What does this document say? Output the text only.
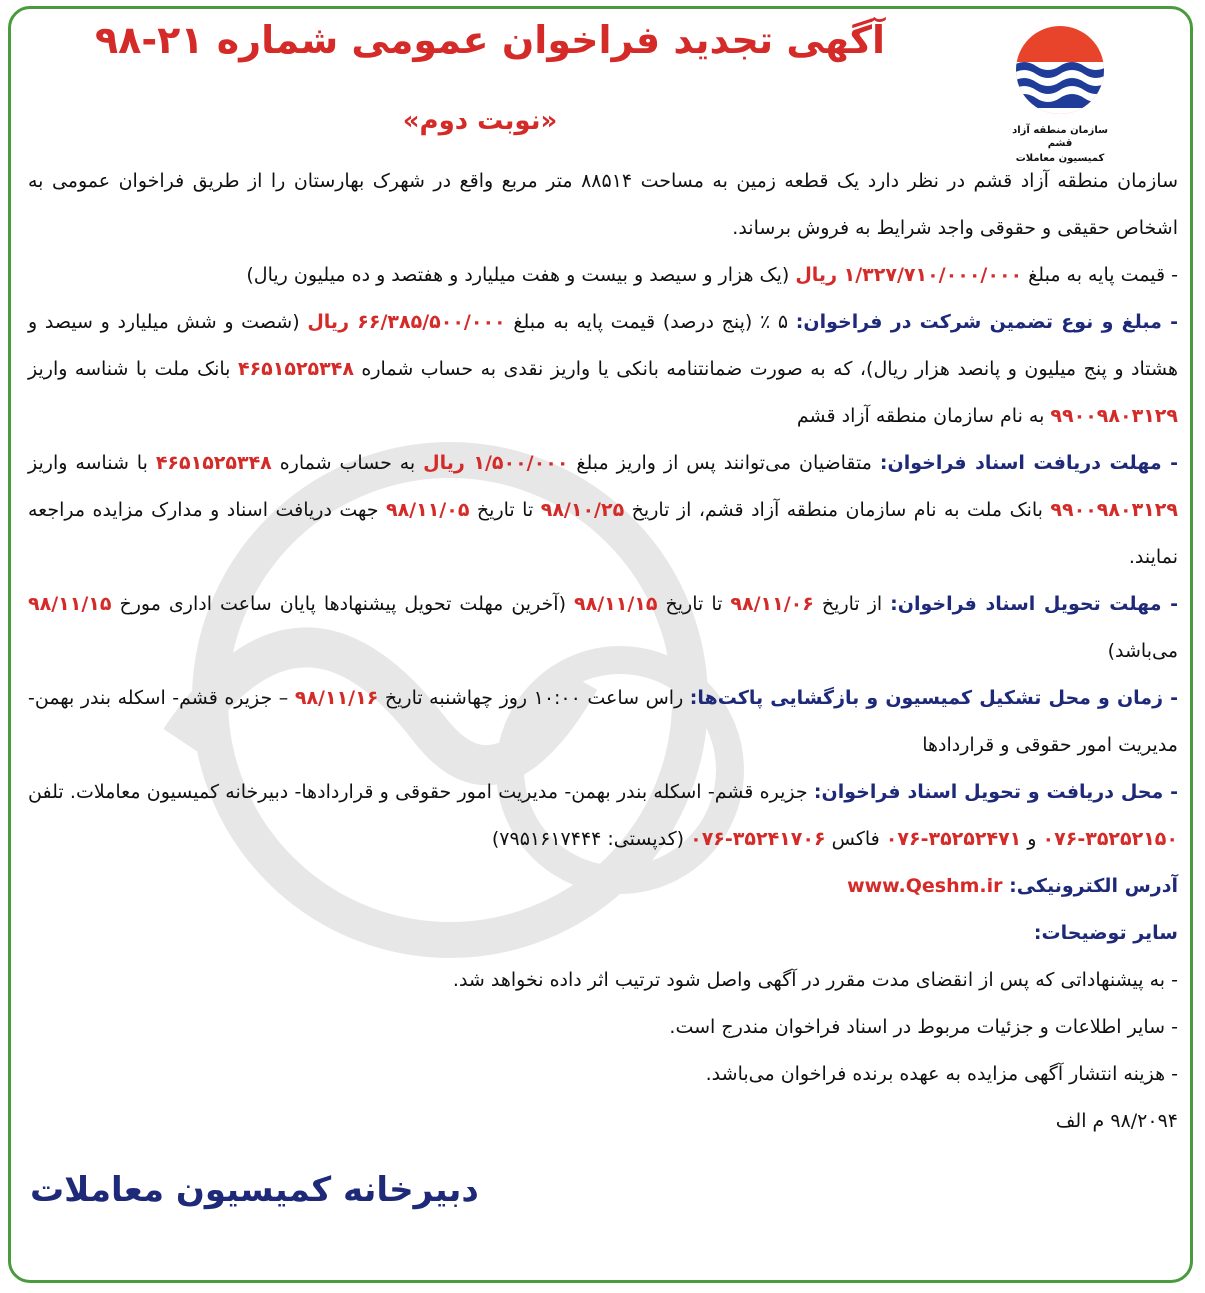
سازمان منطقه آزاد قشم
کمیسیون معاملات
آگهی تجدید فراخوان عمومی شماره ۲۱-۹۸
«نوبت دوم»

سازمان منطقه آزاد قشم در نظر دارد یک قطعه زمین به مساحت ۸۸۵۱۴ متر مربع واقع در شهرک بهارستان را از طریق فراخوان عمومی به اشخاص حقیقی و حقوقی واجد شرایط به فروش برساند.

- قیمت پایه به مبلغ ۱/۳۲۷/۷۱۰/۰۰۰/۰۰۰ ریال (یک هزار و سیصد و بیست و هفت میلیارد و هفتصد و ده میلیون ریال)

- مبلغ و نوع تضمین شرکت در فراخوان: ۵ ٪ (پنج درصد) قیمت پایه به مبلغ ۶۶/۳۸۵/۵۰۰/۰۰۰ ریال (شصت و شش میلیارد و سیصد و هشتاد و پنج میلیون و پانصد هزار ریال)، که به صورت ضمانتنامه بانکی یا واریز نقدی به حساب شماره ۴۶۵۱۵۲۵۳۴۸ بانک ملت با شناسه واریز ۹۹۰۰۹۸۰۳۱۲۹ به نام سازمان منطقه آزاد قشم

- مهلت دریافت اسناد فراخوان: متقاضیان می‌توانند پس از واریز مبلغ ۱/۵۰۰/۰۰۰ ریال به حساب شماره ۴۶۵۱۵۲۵۳۴۸ با شناسه واریز ۹۹۰۰۹۸۰۳۱۲۹ بانک ملت به نام سازمان منطقه آزاد قشم، از تاریخ ۹۸/۱۰/۲۵ تا تاریخ ۹۸/۱۱/۰۵ جهت دریافت اسناد و مدارک مزایده مراجعه نمایند.

- مهلت تحویل اسناد فراخوان: از تاریخ ۹۸/۱۱/۰۶ تا تاریخ ۹۸/۱۱/۱۵ (آخرین مهلت تحویل پیشنهادها پایان ساعت اداری مورخ ۹۸/۱۱/۱۵ می‌باشد)

- زمان و محل تشکیل کمیسیون و بازگشایی پاکت‌ها: راس ساعت ۱۰:۰۰ روز چهاشنبه تاریخ ۹۸/۱۱/۱۶ – جزیره قشم- اسکله بندر بهمن- مدیریت امور حقوقی و قراردادها

- محل دریافت و تحویل اسناد فراخوان: جزیره قشم- اسکله بندر بهمن- مدیریت امور حقوقی و قراردادها- دبیرخانه کمیسیون معاملات. تلفن ۳۵۲۵۲۱۵۰-۰۷۶ و ۳۵۲۵۲۴۷۱-۰۷۶ فاکس ۳۵۲۴۱۷۰۶-۰۷۶ (کدپستی: ۷۹۵۱۶۱۷۴۴۴)

آدرس الکترونیکی: www.Qeshm.ir

سایر توضیحات:

- به پیشنهاداتی که پس از انقضای مدت مقرر در آگهی واصل شود ترتیب اثر داده نخواهد شد.

- سایر اطلاعات و جزئیات مربوط در اسناد فراخوان مندرج است.

- هزینه انتشار آگهی مزایده به عهده برنده فراخوان می‌باشد.

۹۸/۲۰۹۴ م الف

دبیرخانه کمیسیون معاملات
